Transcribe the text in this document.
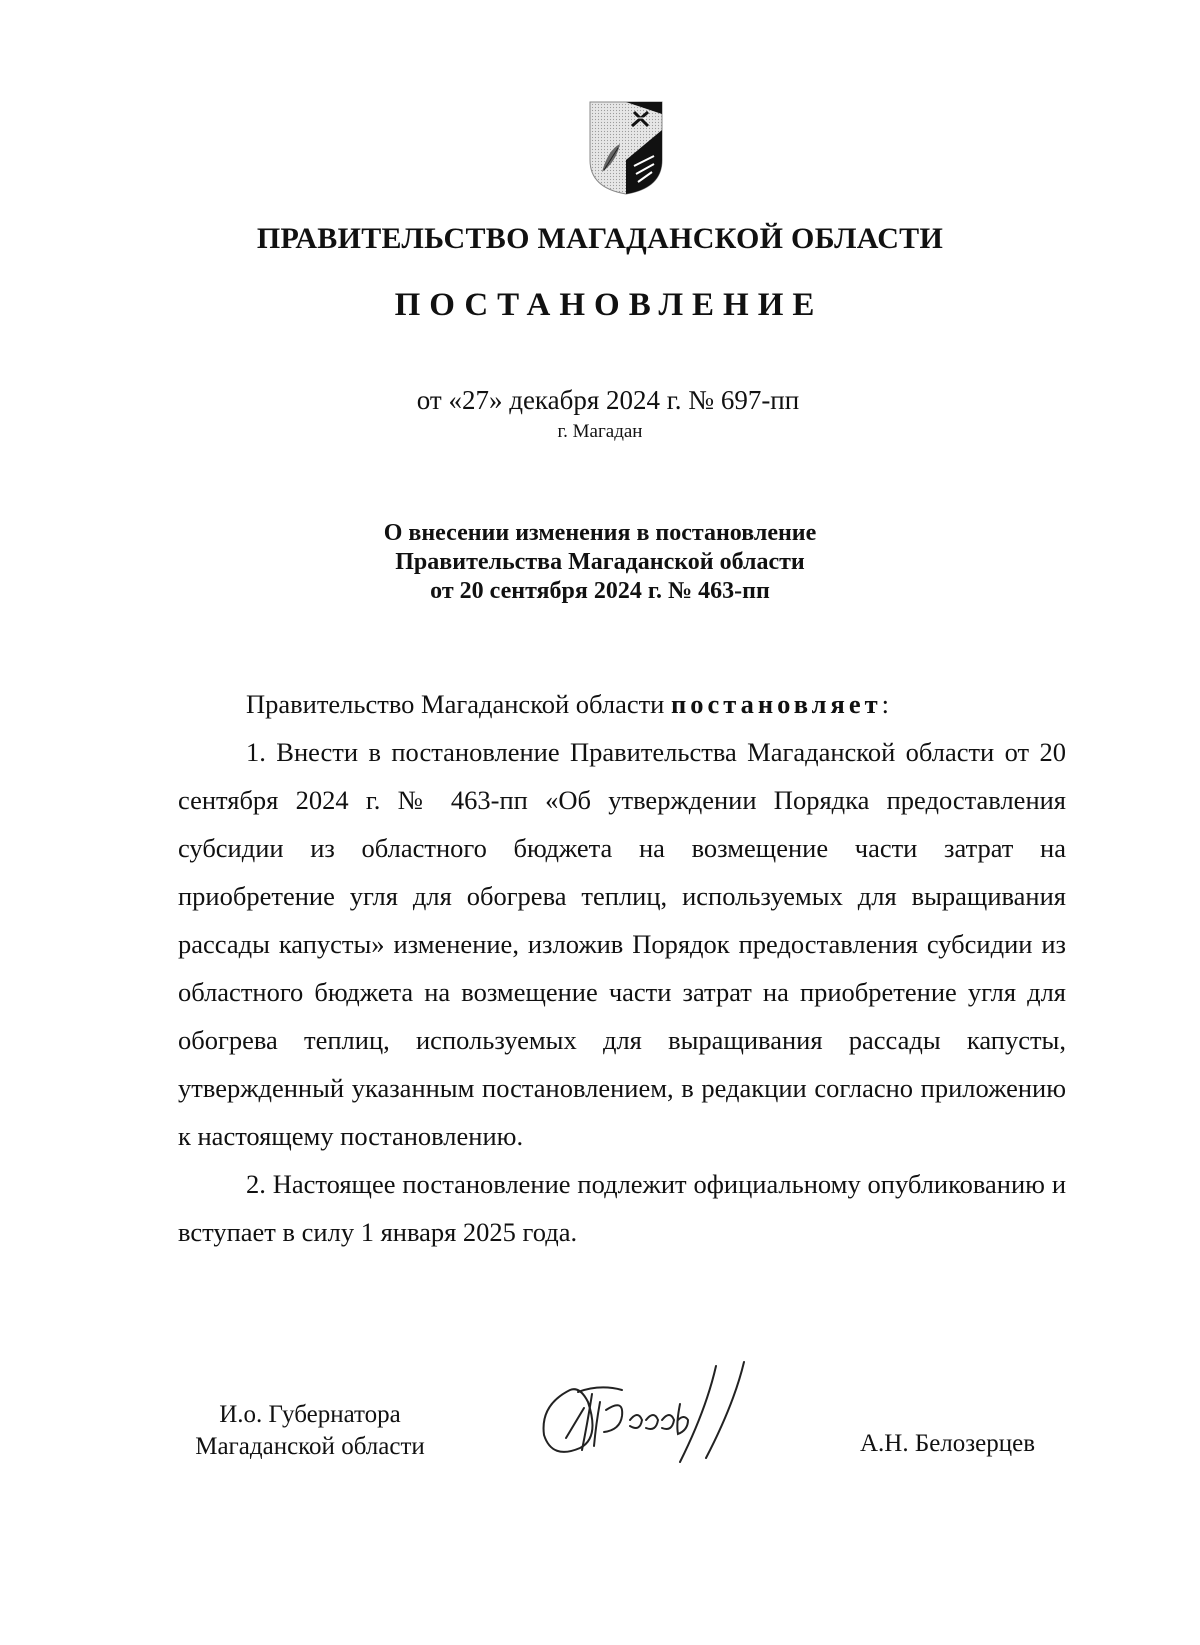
ПРАВИТЕЛЬСТВО МАГАДАНСКОЙ ОБЛАСТИ
ПОСТАНОВЛЕНИЕ
от «27» декабря 2024 г. № 697-пп
г. Магадан
О внесении изменения в постановление
Правительства Магаданской области
от 20 сентября 2024 г. № 463-пп

Правительство Магаданской области постановляет:

1. Внести в постановление Правительства Магаданской области от 20 сентября 2024 г. № 463-пп «Об утверждении Порядка предоставления субсидии из областного бюджета на возмещение части затрат на приобретение угля для обогрева теплиц, используемых для выращивания рассады капусты» изменение, изложив Порядок предоставления субсидии из областного бюджета на возмещение части затрат на приобретение угля для обогрева теплиц, используемых для выращивания рассады капусты, утвержденный указанным постановлением, в редакции согласно приложению к настоящему постановлению.

2. Настоящее постановление подлежит официальному опубликованию и вступает в силу 1 января 2025 года.

И.о. Губернатора
Магаданской области	А.Н. Белозерцев
